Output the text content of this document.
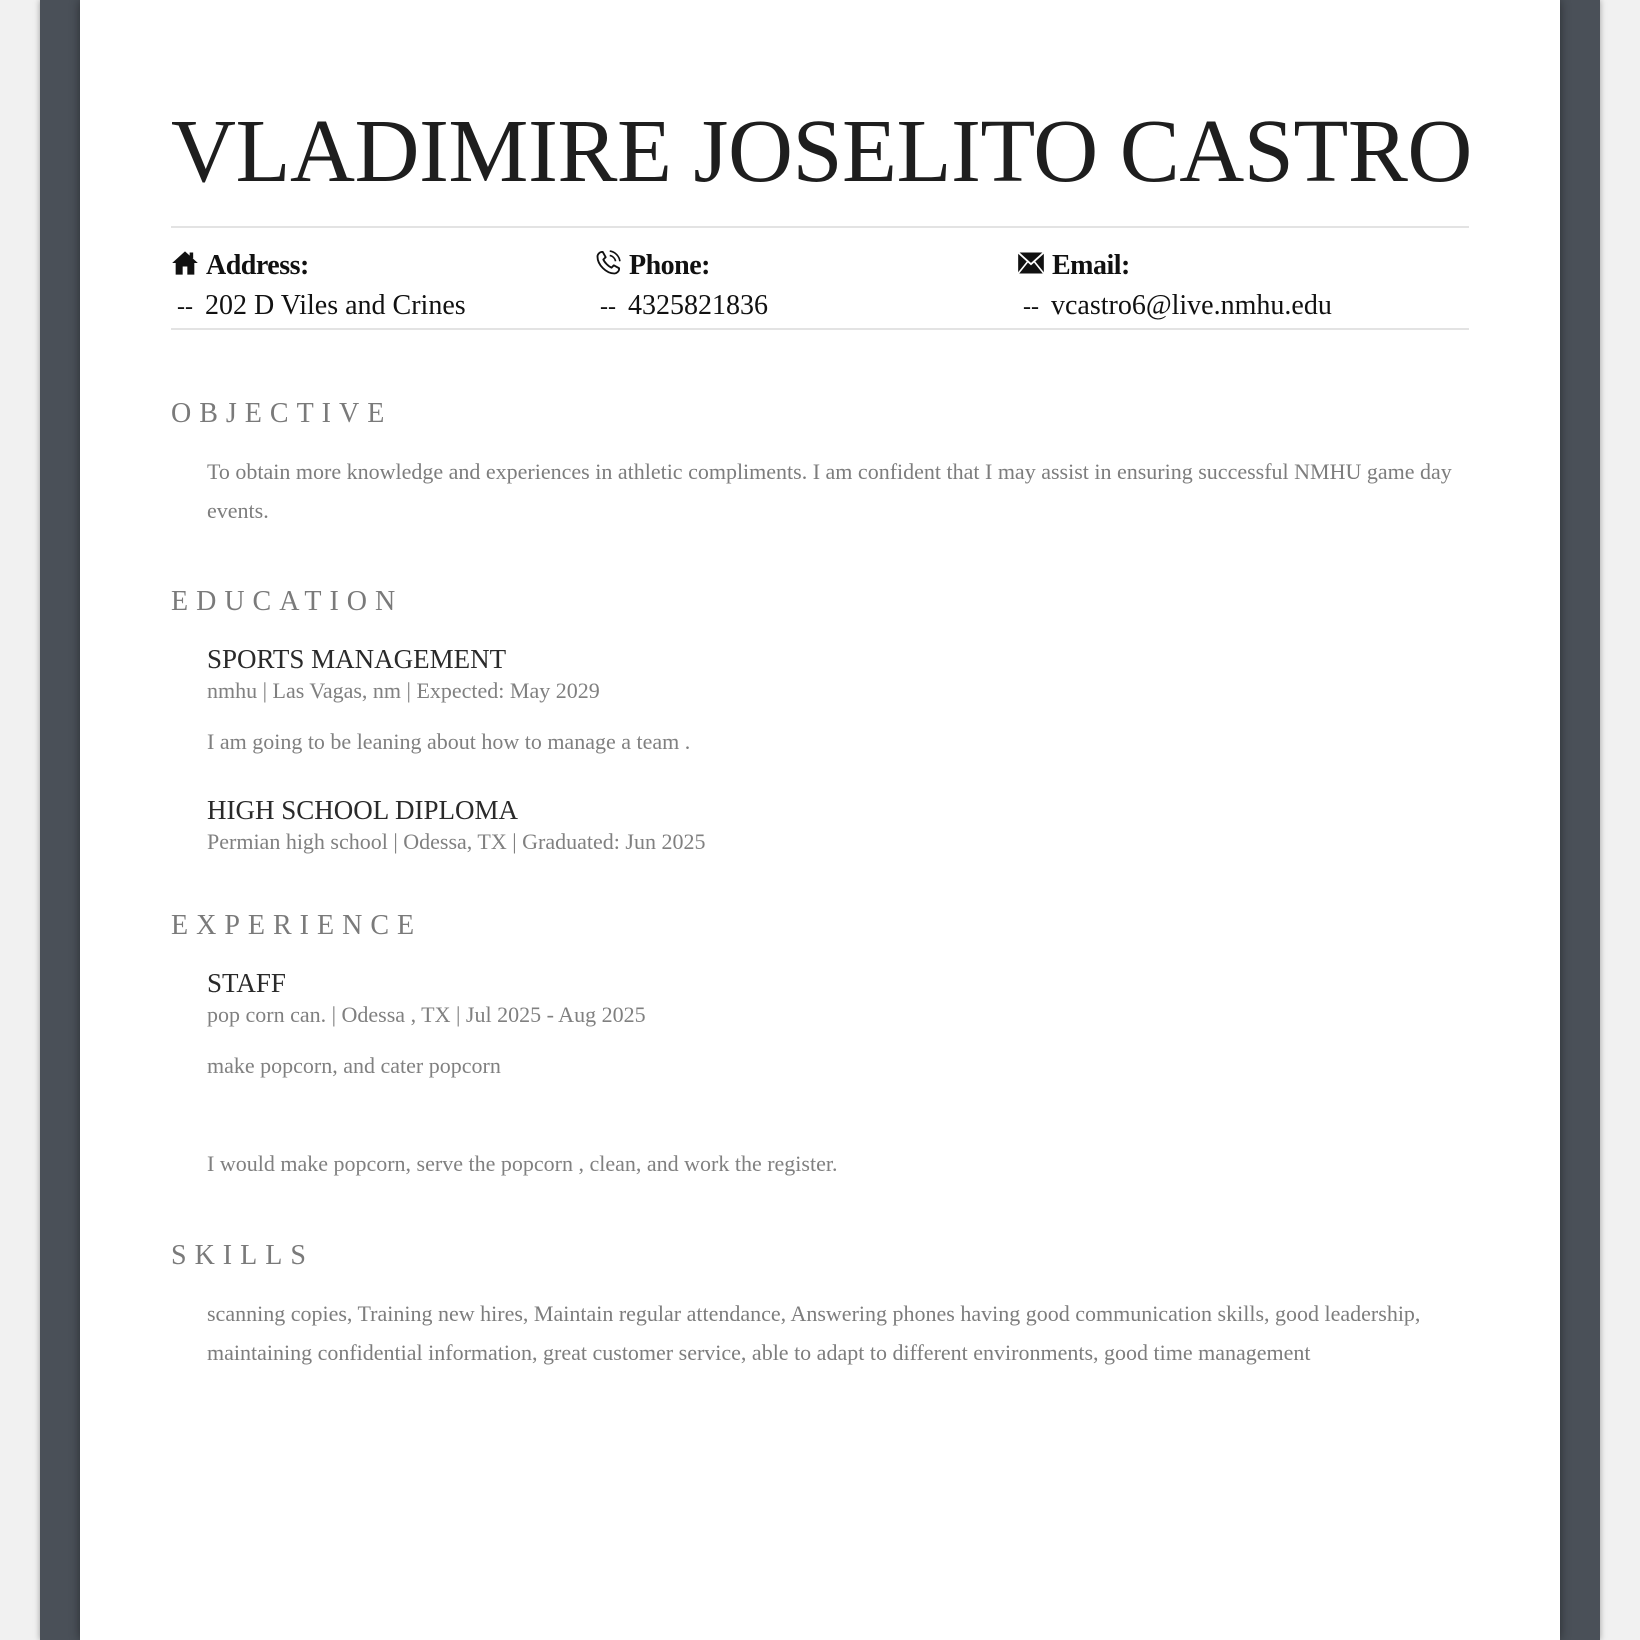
VLADIMIRE JOSELITO CASTRO
Address:
-- 202 D Viles and Crines
Phone:
-- 4325821836
Email:
-- vcastro6@live.nmhu.edu
OBJECTIVE

To obtain more knowledge and experiences in athletic compliments. I am confident that I may assist in ensuring successful NMHU game day events.

EDUCATION
SPORTS MANAGEMENT

nmhu | Las Vagas, nm | Expected: May 2029

I am going to be leaning about how to manage a team .

HIGH SCHOOL DIPLOMA

Permian high school | Odessa, TX | Graduated: Jun 2025

EXPERIENCE
STAFF

pop corn can. | Odessa , TX | Jul 2025 - Aug 2025

make popcorn, and cater popcorn

I would make popcorn, serve the popcorn , clean, and work the register.

SKILLS

scanning copies, Training new hires, Maintain regular attendance, Answering phones having good communication skills, good leadership, maintaining confidential information, great customer service, able to adapt to different environments, good time management
